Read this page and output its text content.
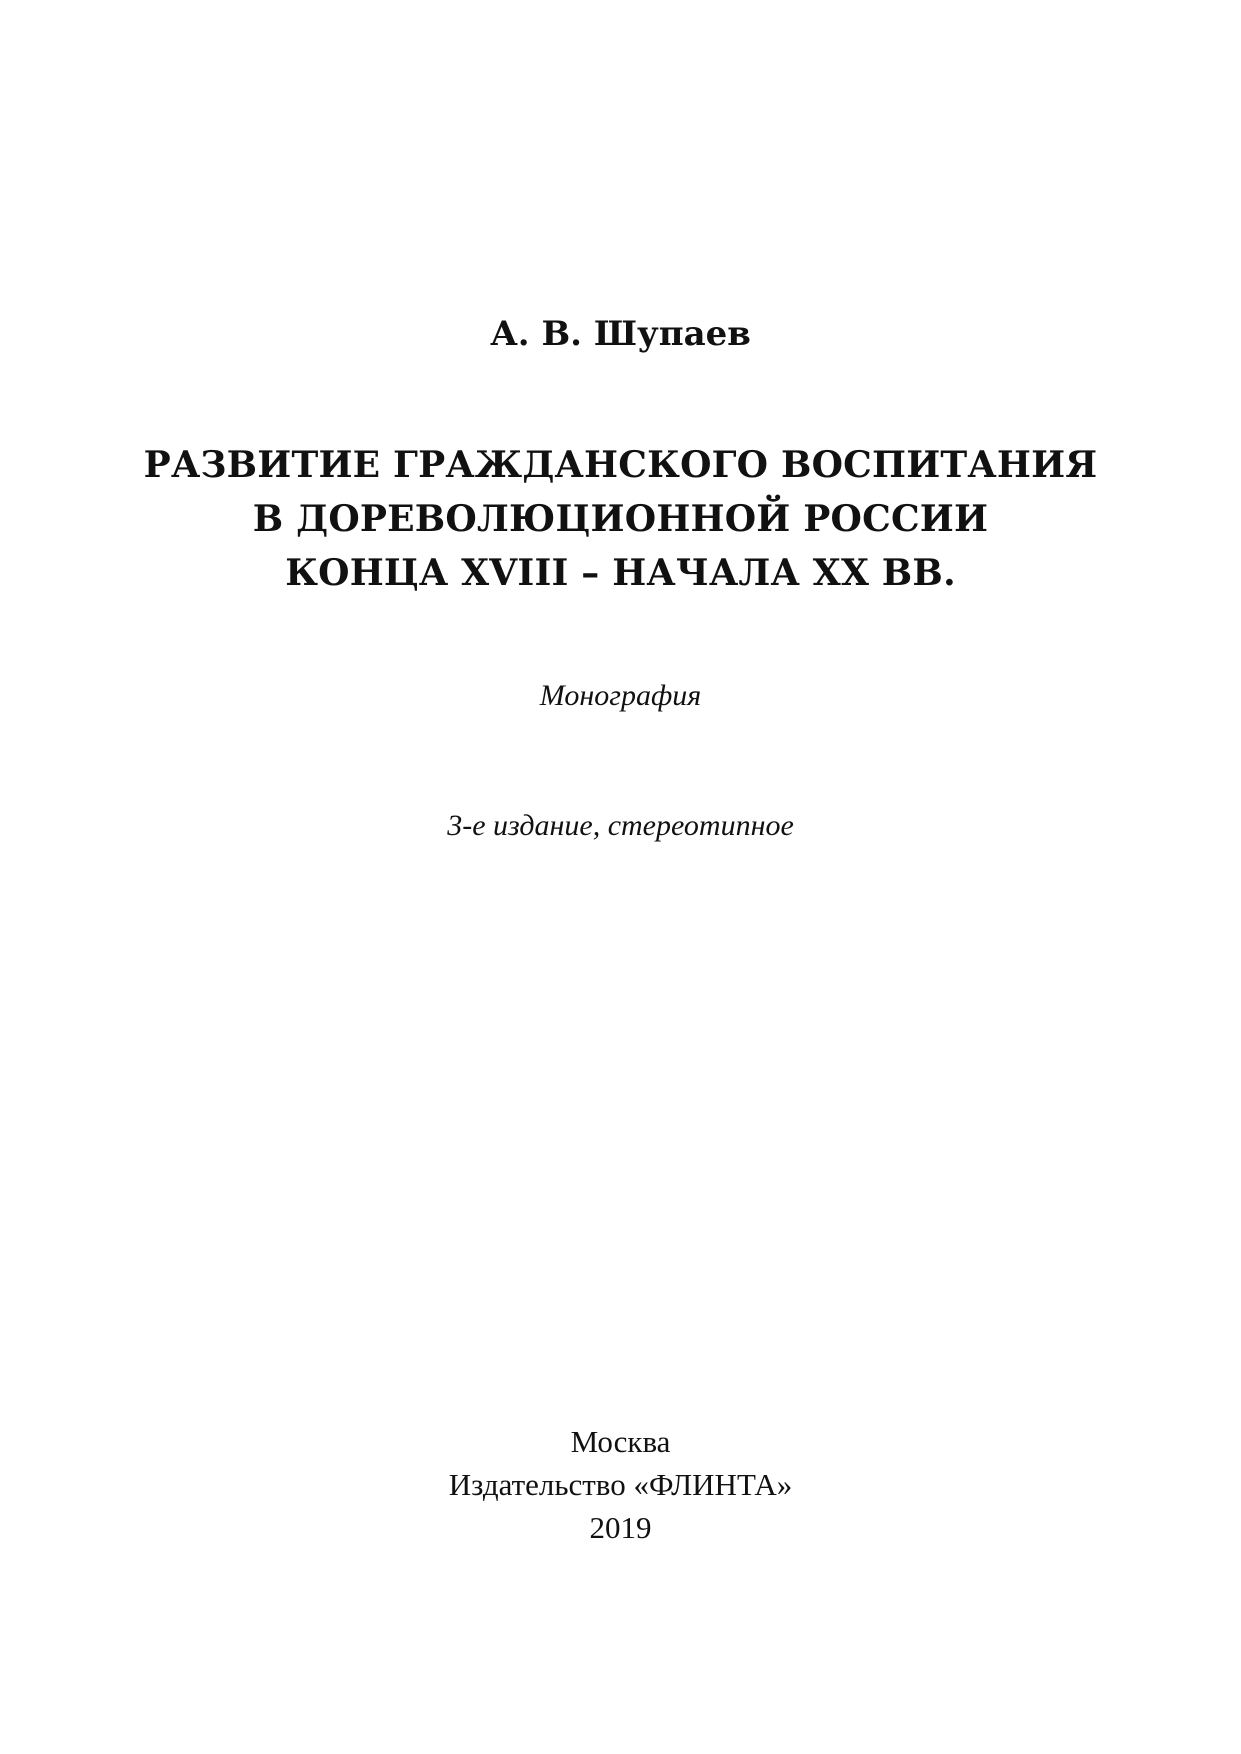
А. В. Шупаев
РАЗВИТИЕ ГРАЖДАНСКОГО ВОСПИТАНИЯ
В ДОРЕВОЛЮЦИОННОЙ РОССИИ
КОНЦА XVIII – НАЧАЛА XX ВВ.
Монография
3-е издание, стереотипное
Москва
Издательство «ФЛИНТА»
2019
